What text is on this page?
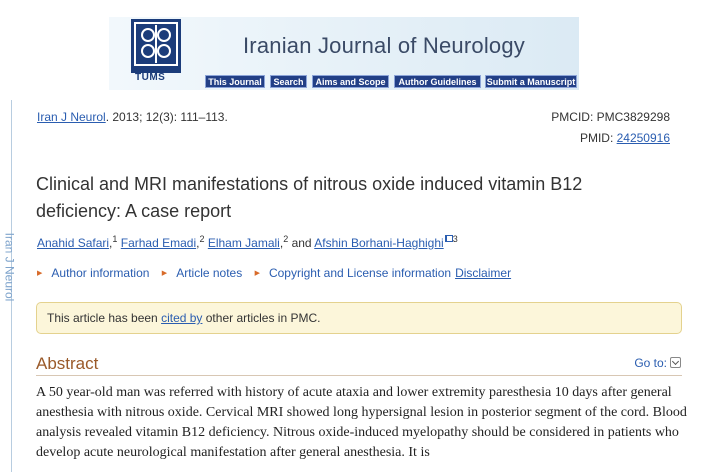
TUMS
Iranian Journal of Neurology
This Journal	Search	Aims and Scope	Author Guidelines	Submit a Manuscript
Iran J Neurol
Iran J Neurol. 2013; 12(3): 111–113.	PMCID: PMC3829298
PMID: 24250916
Clinical and MRI manifestations of nitrous oxide induced vitamin B12 deficiency: A case report
Anahid Safari,$^1$ Farhad Emadi,$^2$ Elham Jamali,$^2$ and Afshin Borhani-Haghighi $^3$
▶ Author information ▶ Article notes ▶ Copyright and License information Disclaimer
This article has been cited by other articles in PMC.
Abstract	Go to:
A 50 year-old man was referred with history of acute ataxia and lower extremity paresthesia 10 days after general anesthesia with nitrous oxide. Cervical MRI showed long hypersignal lesion in posterior segment of the cord. Blood analysis revealed vitamin B12 deficiency. Nitrous oxide-induced myelopathy should be considered in patients who develop acute neurological manifestation after general anesthesia. It is
